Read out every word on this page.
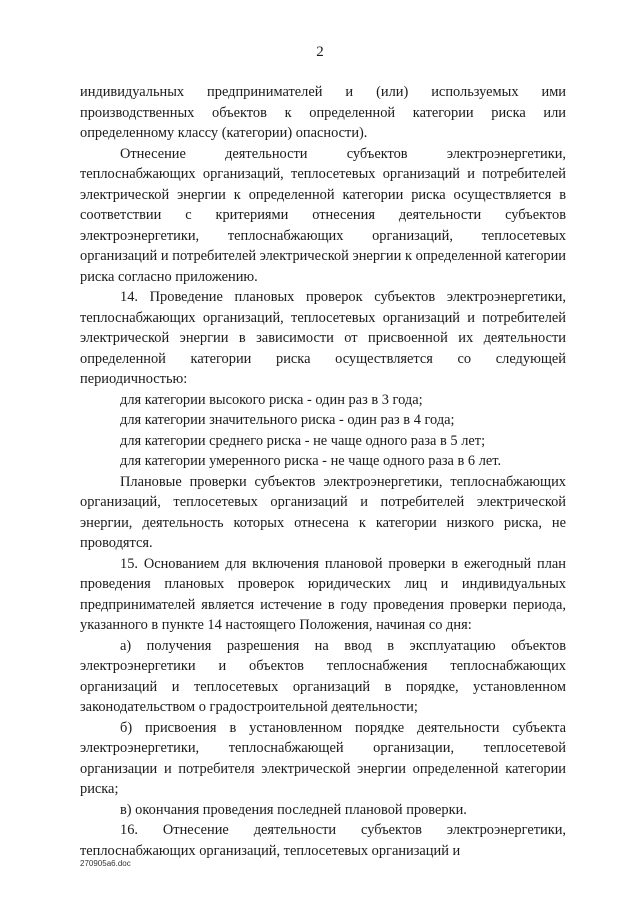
2

индивидуальных предпринимателей и (или) используемых ими производственных объектов к определенной категории риска или определенному классу (категории) опасности).

Отнесение деятельности субъектов электроэнергетики, теплоснабжающих организаций, теплосетевых организаций и потребителей электрической энергии к определенной категории риска осуществляется в соответствии с критериями отнесения деятельности субъектов электроэнергетики, теплоснабжающих организаций, теплосетевых организаций и потребителей электрической энергии к определенной категории риска согласно приложению.

14. Проведение плановых проверок субъектов электроэнергетики, теплоснабжающих организаций, теплосетевых организаций и потребителей электрической энергии в зависимости от присвоенной их деятельности определенной категории риска осуществляется со следующей периодичностью:

для категории высокого риска - один раз в 3 года;

для категории значительного риска - один раз в 4 года;

для категории среднего риска - не чаще одного раза в 5 лет;

для категории умеренного риска - не чаще одного раза в 6 лет.

Плановые проверки субъектов электроэнергетики, теплоснабжающих организаций, теплосетевых организаций и потребителей электрической энергии, деятельность которых отнесена к категории низкого риска, не проводятся.

15. Основанием для включения плановой проверки в ежегодный план проведения плановых проверок юридических лиц и индивидуальных предпринимателей является истечение в году проведения проверки периода, указанного в пункте 14 настоящего Положения, начиная со дня:

а) получения разрешения на ввод в эксплуатацию объектов электроэнергетики и объектов теплоснабжения теплоснабжающих организаций и теплосетевых организаций в порядке, установленном законодательством о градостроительной деятельности;

б) присвоения в установленном порядке деятельности субъекта электроэнергетики, теплоснабжающей организации, теплосетевой организации и потребителя электрической энергии определенной категории риска;

в) окончания проведения последней плановой проверки.

16. Отнесение деятельности субъектов электроэнергетики, теплоснабжающих организаций, теплосетевых организаций и

270905a6.doc
